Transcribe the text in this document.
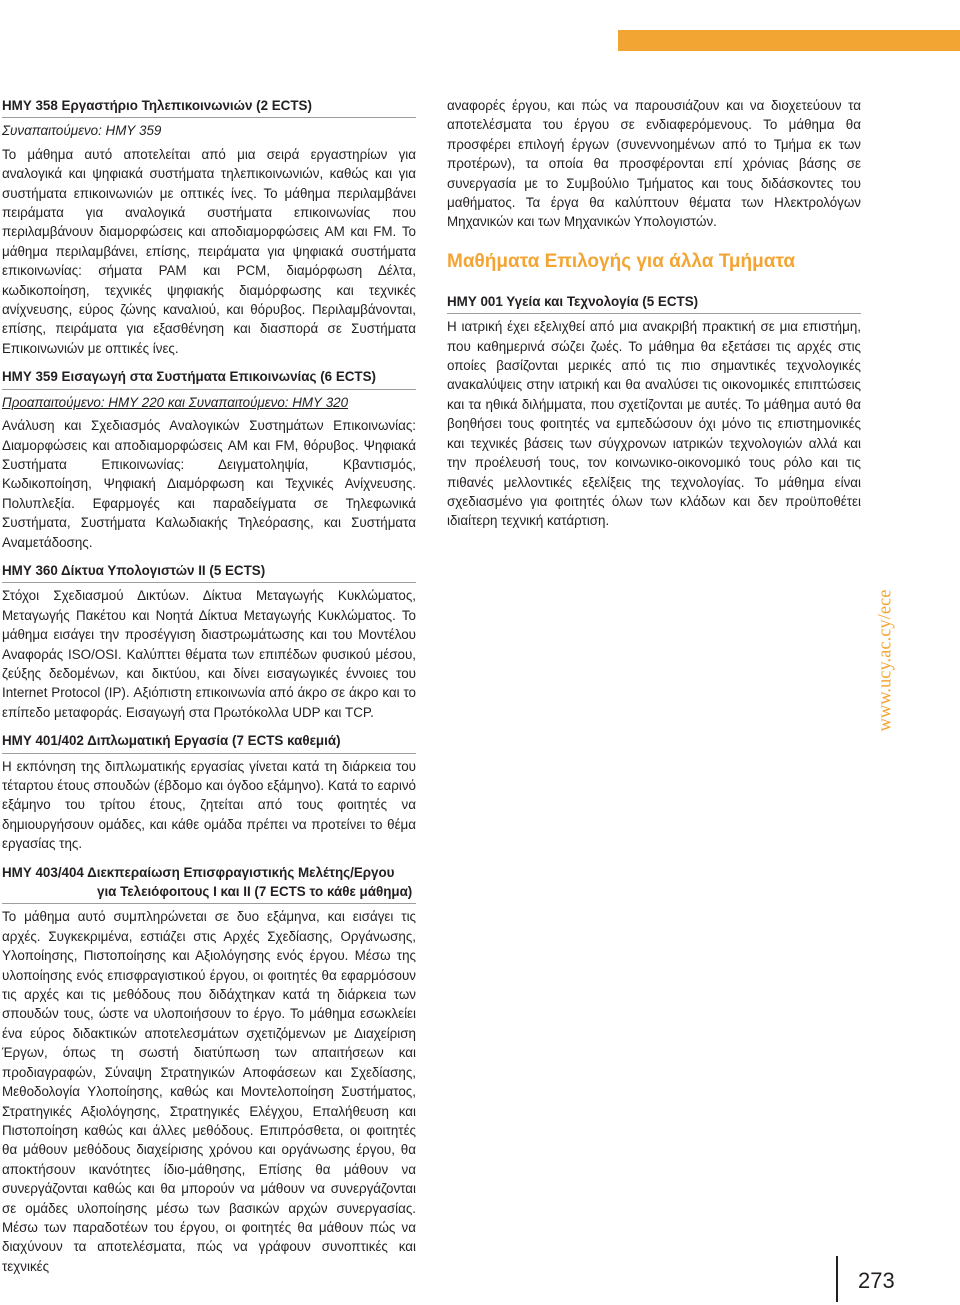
ΗΜΥ 358 Εργαστήριο Τηλεπικοινωνιών (2 ECTS)
Συναπαιτούμενο: ΗΜΥ 359

Το μάθημα αυτό αποτελείται από μια σειρά εργαστηρίων για αναλογικά και ψηφιακά συστήματα τηλεπικοινωνιών, καθώς και για συστήματα επικοινωνιών με οπτικές ίνες. Το μάθημα περιλαμβάνει πειράματα για αναλογικά συστήματα επικοινωνίας που περιλαμβάνουν διαμορφώσεις και αποδιαμορφώσεις AM και FM. Το μάθημα περιλαμβάνει, επίσης, πειράματα για ψηφιακά συστήματα επικοινωνίας: σήματα PAM και PCM, διαμόρφωση Δέλτα, κωδικοποίηση, τεχνικές ψηφιακής διαμόρφωσης και τεχνικές ανίχνευσης, εύρος ζώνης καναλιού, και θόρυβος. Περιλαμβάνονται, επίσης, πειράματα για εξασθένηση και διασπορά σε Συστήματα Επικοινωνιών με οπτικές ίνες.

ΗΜΥ 359 Εισαγωγή στα Συστήματα Επικοινωνίας (6 ECTS)
Προαπαιτούμενο: ΗΜΥ 220 και Συναπαιτούμενο: ΗΜΥ 320

Ανάλυση και Σχεδιασμός Αναλογικών Συστημάτων Επικοινωνίας: Διαμορφώσεις και αποδιαμορφώσεις AM και FM, θόρυβος. Ψηφιακά Συστήματα Επικοινωνίας: Δειγματοληψία, Κβαντισμός, Κωδικοποίηση, Ψηφιακή Διαμόρφωση και Τεχνικές Ανίχνευσης. Πολυπλεξία. Εφαρμογές και παραδείγματα σε Τηλεφωνικά Συστήματα, Συστήματα Καλωδιακής Τηλεόρασης, και Συστήματα Αναμετάδοσης.

ΗΜΥ 360 Δίκτυα Υπολογιστών ΙΙ (5 ECTS)

Στόχοι Σχεδιασμού Δικτύων. Δίκτυα Μεταγωγής Κυκλώματος, Μεταγωγής Πακέτου και Νοητά Δίκτυα Μεταγωγής Κυκλώματος. Το μάθημα εισάγει την προσέγγιση διαστρωμάτωσης και του Μοντέλου Αναφοράς ISO/OSI. Καλύπτει θέματα των επιπέδων φυσικού μέσου, ζεύξης δεδομένων, και δικτύου, και δίνει εισαγωγικές έννοιες του Internet Protocol (IP). Αξιόπιστη επικοινωνία από άκρο σε άκρο και το επίπεδο μεταφοράς. Εισαγωγή στα Πρωτόκολλα UDP και TCP.

ΗΜΥ 401/402 Διπλωματική Εργασία (7 ECTS καθεμιά)

Η εκπόνηση της διπλωματικής εργασίας γίνεται κατά τη διάρκεια του τέταρτου έτους σπουδών (έβδομο και όγδοο εξάμηνο). Κατά το εαρινό εξάμηνο του τρίτου έτους, ζητείται από τους φοιτητές να δημιουργήσουν ομάδες, και κάθε ομάδα πρέπει να προτείνει το θέμα εργασίας της.

ΗΜΥ 403/404 Διεκπεραίωση Επισφραγιστικής Μελέτης/Εργου
για Τελειόφοιτους Ι και ΙΙ (7 ECTS το κάθε μάθημα)

Το μάθημα αυτό συμπληρώνεται σε δυο εξάμηνα, και εισάγει τις αρχές. Συγκεκριμένα, εστιάζει στις Αρχές Σχεδίασης, Οργάνωσης, Υλοποίησης, Πιστοποίησης και Αξιολόγησης ενός έργου. Μέσω της υλοποίησης ενός επισφραγιστικού έργου, οι φοιτητές θα εφαρμόσουν τις αρχές και τις μεθόδους που διδάχτηκαν κατά τη διάρκεια των σπουδών τους, ώστε να υλοποιήσουν το έργο. Το μάθημα εσωκλείει ένα εύρος διδακτικών αποτελεσμάτων σχετιζόμενων με Διαχείριση Έργων, όπως τη σωστή διατύπωση των απαιτήσεων και προδιαγραφών, Σύναψη Στρατηγικών Αποφάσεων και Σχεδίασης, Μεθοδολογία Υλοποίησης, καθώς και Μοντελοποίηση Συστήματος, Στρατηγικές Αξιολόγησης, Στρατηγικές Ελέγχου, Επαλήθευση και Πιστοποίηση καθώς και άλλες μεθόδους. Επιπρόσθετα, οι φοιτητές θα μάθουν μεθόδους διαχείρισης χρόνου και οργάνωσης έργου, θα αποκτήσουν ικανότητες ίδιο-μάθησης, Επίσης θα μάθουν να συνεργάζονται καθώς και θα μπορούν να μάθουν να συνεργάζονται σε ομάδες υλοποίησης μέσω των βασικών αρχών συνεργασίας. Μέσω των παραδοτέων του έργου, οι φοιτητές θα μάθουν πώς να διαχύνουν τα αποτελέσματα, πώς να γράφουν συνοπτικές και τεχνικές

αναφορές έργου, και πώς να παρουσιάζουν και να διοχετεύουν τα αποτελέσματα του έργου σε ενδιαφερόμενους. Το μάθημα θα προσφέρει επιλογή έργων (συνεννοημένων από το Τμήμα εκ των προτέρων), τα οποία θα προσφέρονται επί χρόνιας βάσης σε συνεργασία με το Συμβούλιο Τμήματος και τους διδάσκοντες του μαθήματος. Τα έργα θα καλύπτουν θέματα των Ηλεκτρολόγων Μηχανικών και των Μηχανικών Υπολογιστών.

Μαθήματα Επιλογής για άλλα Τμήματα
ΗΜΥ 001 Υγεία και Τεχνολογία (5 ECTS)

Η ιατρική έχει εξελιχθεί από μια ανακριβή πρακτική σε μια επιστήμη, που καθημερινά σώζει ζωές. Το μάθημα θα εξετάσει τις αρχές στις οποίες βασίζονται μερικές από τις πιο σημαντικές τεχνολογικές ανακαλύψεις στην ιατρική και θα αναλύσει τις οικονομικές επιπτώσεις και τα ηθικά διλήμματα, που σχετίζονται με αυτές. Το μάθημα αυτό θα βοηθήσει τους φοιτητές να εμπεδώσουν όχι μόνο τις επιστημονικές και τεχνικές βάσεις των σύγχρονων ιατρικών τεχνολογιών αλλά και την προέλευσή τους, τον κοινωνικο-οικονομικό τους ρόλο και τις πιθανές μελλοντικές εξελίξεις της τεχνολογίας. Το μάθημα είναι σχεδιασμένο για φοιτητές όλων των κλάδων και δεν προϋποθέτει ιδιαίτερη τεχνική κατάρτιση.

www.ucy.ac.cy/ece
273
